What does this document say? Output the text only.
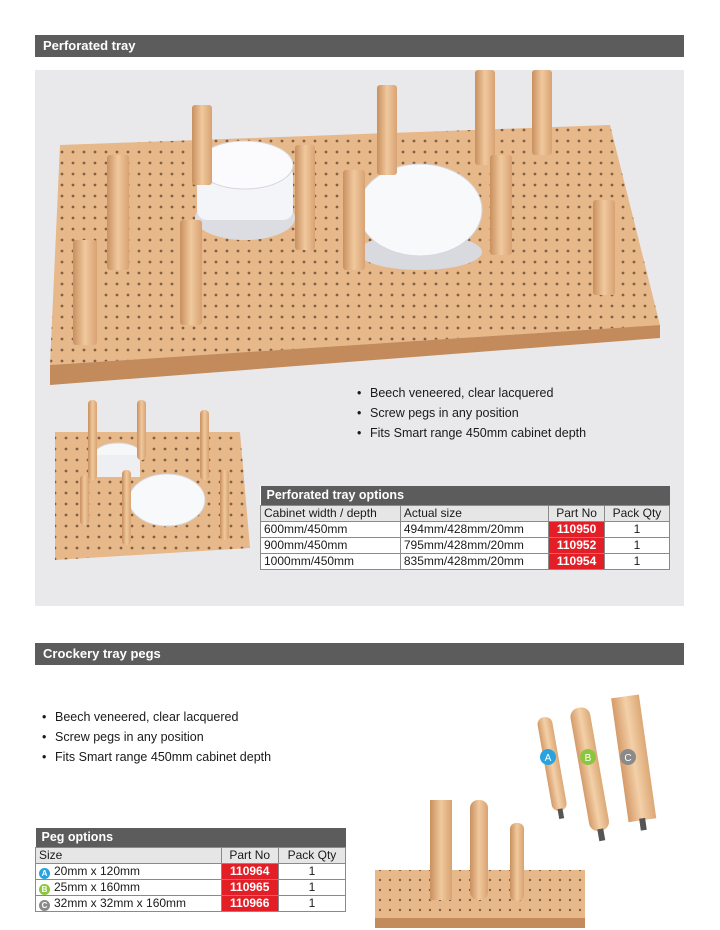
Perforated tray
• Beech veneered, clear lacquered
• Screw pegs in any position
• Fits Smart range 450mm cabinet depth
Perforated tray options			
Cabinet width / depth	Actual size	Part No	Pack Qty
600mm/450mm	494mm/428mm/20mm	110950	1
900mm/450mm	795mm/428mm/20mm	110952	1
1000mm/450mm	835mm/428mm/20mm	110954	1
Crockery tray pegs
• Beech veneered, clear lacquered
• Screw pegs in any position
• Fits Smart range 450mm cabinet depth	A	B	C
Peg options		
Size	Part No	Pack Qty
A 20mm x 120mm	110964	1
B 25mm x 160mm	110965	1
C 32mm x 32mm x 160mm	110966	1
